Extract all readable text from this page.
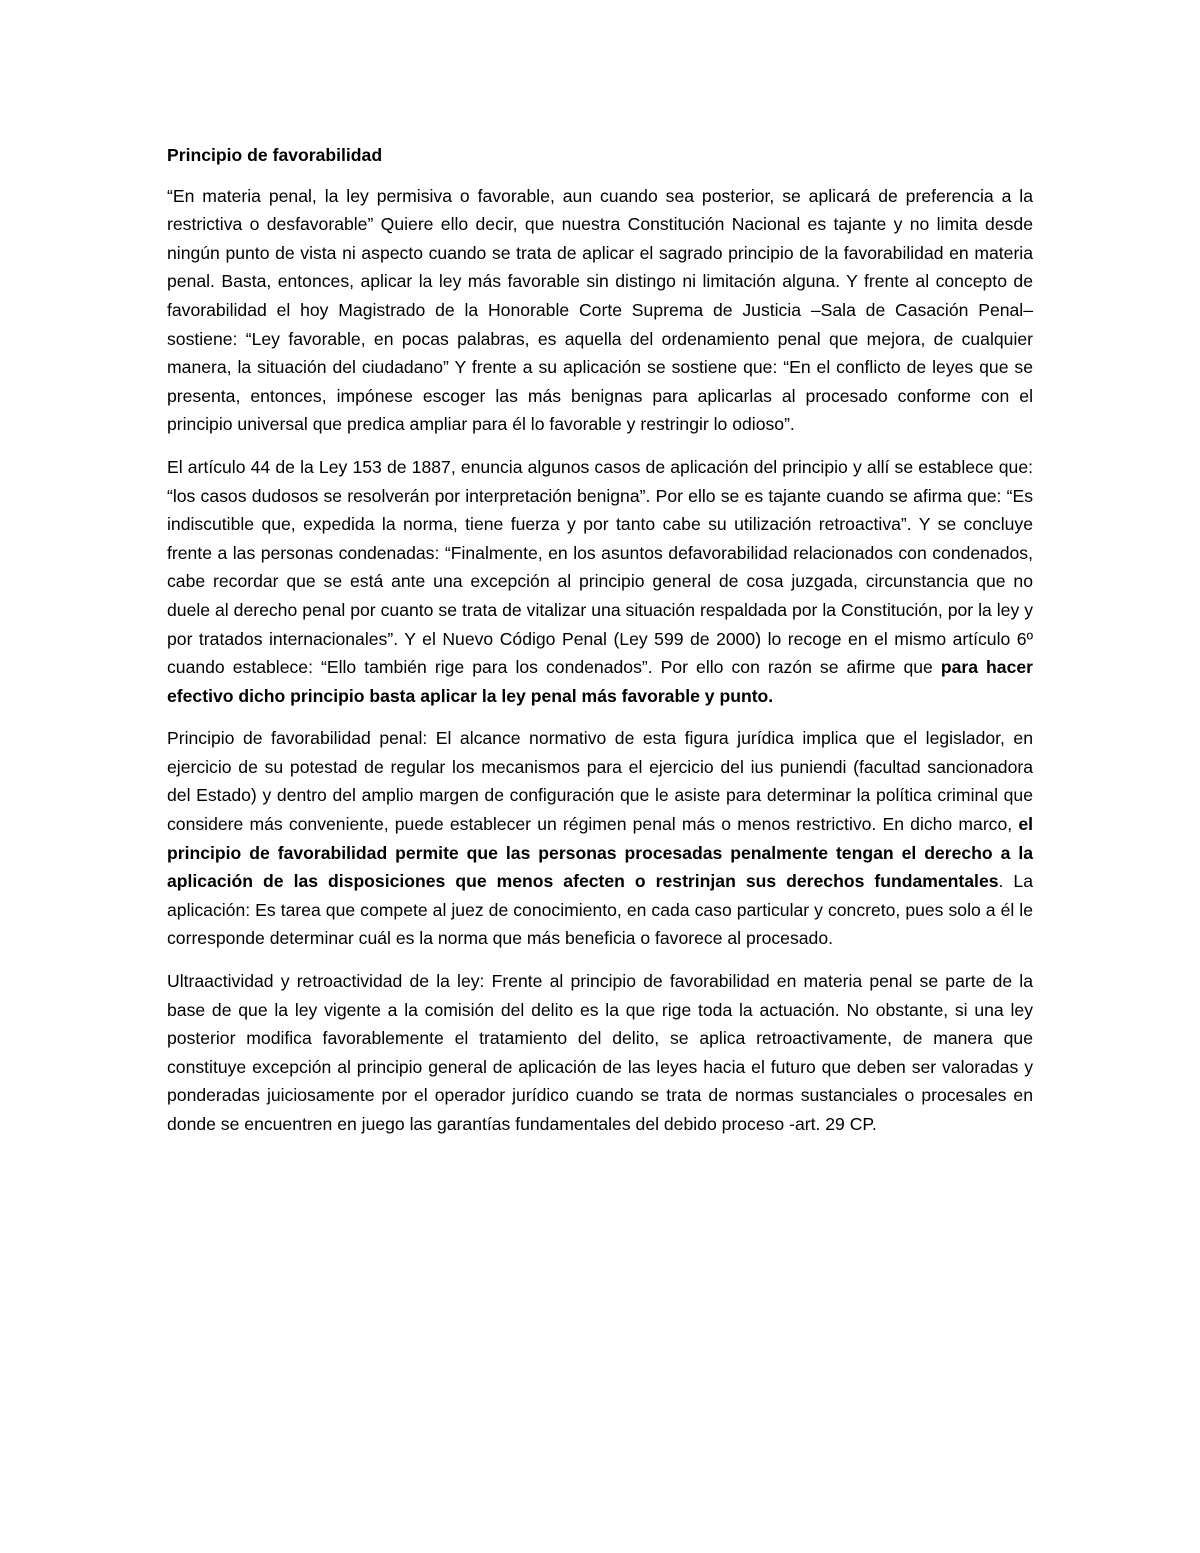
Principio de favorabilidad

“En materia penal, la ley permisiva o favorable, aun cuando sea posterior, se aplicará de preferencia a la restrictiva o desfavorable” Quiere ello decir, que nuestra Constitución Nacional es tajante y no limita desde ningún punto de vista ni aspecto cuando se trata de aplicar el sagrado principio de la favorabilidad en materia penal. Basta, entonces, aplicar la ley más favorable sin distingo ni limitación alguna. Y frente al concepto de favorabilidad el hoy Magistrado de la Honorable Corte Suprema de Justicia –Sala de Casación Penal– sostiene: “Ley favorable, en pocas palabras, es aquella del ordenamiento penal que mejora, de cualquier manera, la situación del ciudadano” Y frente a su aplicación se sostiene que: “En el conflicto de leyes que se presenta, entonces, impónese escoger las más benignas para aplicarlas al procesado conforme con el principio universal que predica ampliar para él lo favorable y restringir lo odioso”.

El artículo 44 de la Ley 153 de 1887, enuncia algunos casos de aplicación del principio y allí se establece que: “los casos dudosos se resolverán por interpretación benigna”. Por ello se es tajante cuando se afirma que: “Es indiscutible que, expedida la norma, tiene fuerza y por tanto cabe su utilización retroactiva”. Y se concluye frente a las personas condenadas: “Finalmente, en los asuntos defavorabilidad relacionados con condenados, cabe recordar que se está ante una excepción al principio general de cosa juzgada, circunstancia que no duele al derecho penal por cuanto se trata de vitalizar una situación respaldada por la Constitución, por la ley y por tratados internacionales”. Y el Nuevo Código Penal (Ley 599 de 2000) lo recoge en el mismo artículo 6º cuando establece: “Ello también rige para los condenados”. Por ello con razón se afirme que para hacer efectivo dicho principio basta aplicar la ley penal más favorable y punto.

Principio de favorabilidad penal: El alcance normativo de esta figura jurídica implica que el legislador, en ejercicio de su potestad de regular los mecanismos para el ejercicio del ius puniendi (facultad sancionadora del Estado) y dentro del amplio margen de configuración que le asiste para determinar la política criminal que considere más conveniente, puede establecer un régimen penal más o menos restrictivo. En dicho marco, el principio de favorabilidad permite que las personas procesadas penalmente tengan el derecho a la aplicación de las disposiciones que menos afecten o restrinjan sus derechos fundamentales. La aplicación: Es tarea que compete al juez de conocimiento, en cada caso particular y concreto, pues solo a él le corresponde determinar cuál es la norma que más beneficia o favorece al procesado.

Ultraactividad y retroactividad de la ley: Frente al principio de favorabilidad en materia penal se parte de la base de que la ley vigente a la comisión del delito es la que rige toda la actuación. No obstante, si una ley posterior modifica favorablemente el tratamiento del delito, se aplica retroactivamente, de manera que constituye excepción al principio general de aplicación de las leyes hacia el futuro que deben ser valoradas y ponderadas juiciosamente por el operador jurídico cuando se trata de normas sustanciales o procesales en donde se encuentren en juego las garantías fundamentales del debido proceso -art. 29 CP.
